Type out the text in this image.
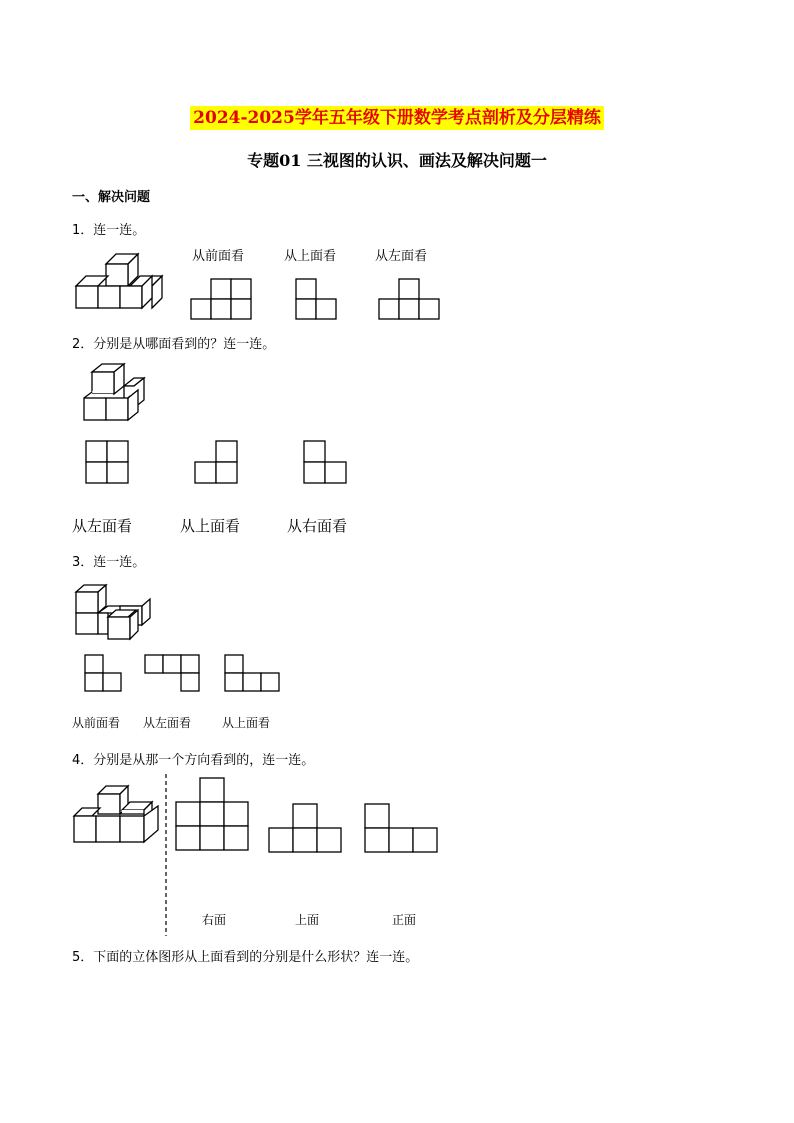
2024-2025学年五年级下册数学考点剖析及分层精练
专题01 三视图的认识、画法及解决问题一
一、解决问题
1．连一连。
从前面看	从上面看	从左面看
2．分别是从哪面看到的？连一连。
从左面看	从上面看	从右面看
3．连一连。
从前面看 从左面看	从上面看
4．分别是从那一个方向看到的，连一连。
右面	上面	正面
5．下面的立体图形从上面看到的分别是什么形状？连一连。
